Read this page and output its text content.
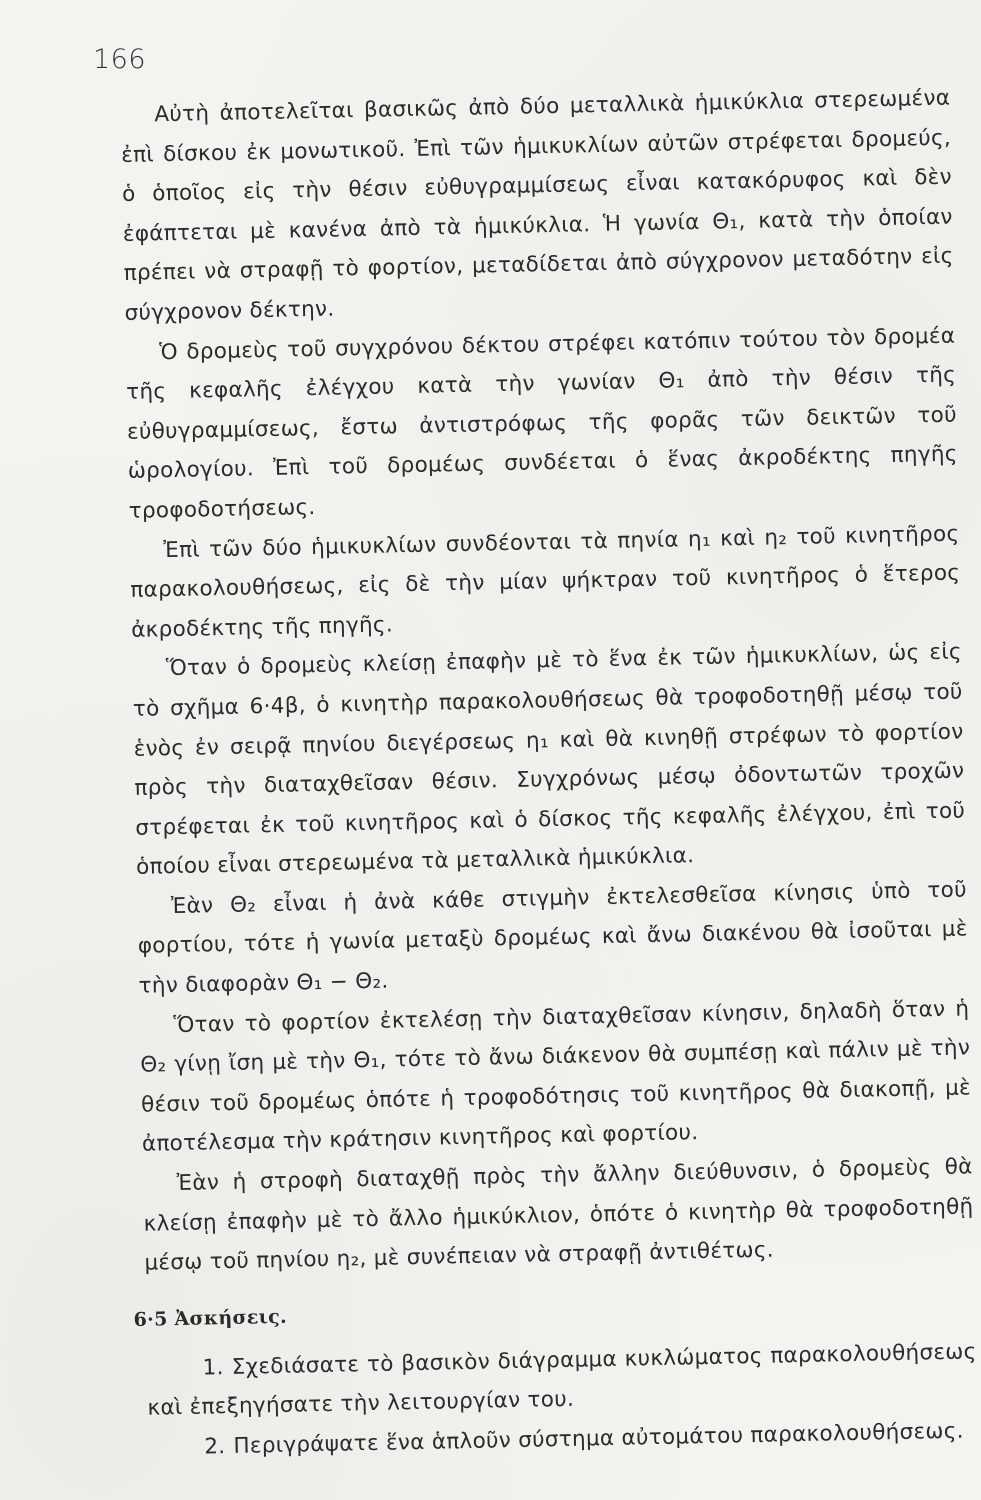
166

Αὐτὴ ἀποτελεῖται βασικῶς ἀπὸ δύο μεταλλικὰ ἡμικύκλια στερεωμένα ἐπὶ δίσκου ἐκ μονωτικοῦ. Ἐπὶ τῶν ἡμικυκλίων αὐτῶν στρέφεται δρομεύς, ὁ ὁποῖος εἰς τὴν θέσιν εὐθυγραμμίσεως εἶναι κατακόρυφος καὶ δὲν ἐφάπτεται μὲ κανένα ἀπὸ τὰ ἡμικύκλια. Ἡ γωνία Θ₁, κατὰ τὴν ὁποίαν πρέπει νὰ στραφῇ τὸ φορτίον, μεταδίδεται ἀπὸ σύγχρονον μεταδότην εἰς σύγχρονον δέκτην.

Ὁ δρομεὺς τοῦ συγχρόνου δέκτου στρέφει κατόπιν τούτου τὸν δρομέα τῆς κεφαλῆς ἐλέγχου κατὰ τὴν γωνίαν Θ₁ ἀπὸ τὴν θέσιν τῆς εὐθυγραμμίσεως, ἔστω ἀντιστρόφως τῆς φορᾶς τῶν δεικτῶν τοῦ ὡρολογίου. Ἐπὶ τοῦ δρομέως συνδέεται ὁ ἕνας ἀκροδέκτης πηγῆς τροφοδοτήσεως.

Ἐπὶ τῶν δύο ἡμικυκλίων συνδέονται τὰ πηνία η₁ καὶ η₂ τοῦ κινητῆρος παρακολουθήσεως, εἰς δὲ τὴν μίαν ψήκτραν τοῦ κινητῆρος ὁ ἕτερος ἀκροδέκτης τῆς πηγῆς.

Ὅταν ὁ δρομεὺς κλείσῃ ἐπαφὴν μὲ τὸ ἕνα ἐκ τῶν ἡμικυκλίων, ὡς εἰς τὸ σχῆμα 6·4β, ὁ κινητὴρ παρακολουθήσεως θὰ τροφοδοτηθῇ μέσῳ τοῦ ἑνὸς ἐν σειρᾷ πηνίου διεγέρσεως η₁ καὶ θὰ κινηθῇ στρέφων τὸ φορτίον πρὸς τὴν διαταχθεῖσαν θέσιν. Συγχρόνως μέσῳ ὀδοντωτῶν τροχῶν στρέφεται ἐκ τοῦ κινητῆρος καὶ ὁ δίσκος τῆς κεφαλῆς ἐλέγχου, ἐπὶ τοῦ ὁποίου εἶναι στερεωμένα τὰ μεταλλικὰ ἡμικύκλια.

Ἐὰν Θ₂ εἶναι ἡ ἀνὰ κάθε στιγμὴν ἐκτελεσθεῖσα κίνησις ὑπὸ τοῦ φορτίου, τότε ἡ γωνία μεταξὺ δρομέως καὶ ἄνω διακένου θὰ ἰσοῦται μὲ τὴν διαφορὰν Θ₁ − Θ₂.

Ὅταν τὸ φορτίον ἐκτελέσῃ τὴν διαταχθεῖσαν κίνησιν, δηλαδὴ ὅταν ἡ Θ₂ γίνῃ ἴση μὲ τὴν Θ₁, τότε τὸ ἄνω διάκενον θὰ συμπέσῃ καὶ πάλιν μὲ τὴν θέσιν τοῦ δρομέως ὁπότε ἡ τροφοδότησις τοῦ κινητῆρος θὰ διακοπῇ, μὲ ἀποτέλεσμα τὴν κράτησιν κινητῆρος καὶ φορτίου.

Ἐὰν ἡ στροφὴ διαταχθῇ πρὸς τὴν ἄλλην διεύθυνσιν, ὁ δρομεὺς θὰ κλείσῃ ἐπαφὴν μὲ τὸ ἄλλο ἡμικύκλιον, ὁπότε ὁ κινητὴρ θὰ τροφοδοτηθῇ μέσῳ τοῦ πηνίου η₂, μὲ συνέπειαν νὰ στραφῇ ἀντιθέτως.

6·5 Ἀσκήσεις.

1. Σχεδιάσατε τὸ βασικὸν διάγραμμα κυκλώματος παρακολουθήσεως καὶ ἐπεξηγήσατε τὴν λειτουργίαν του.

2. Περιγράψατε ἕνα ἁπλοῦν σύστημα αὐτομάτου παρακολουθήσεως.
